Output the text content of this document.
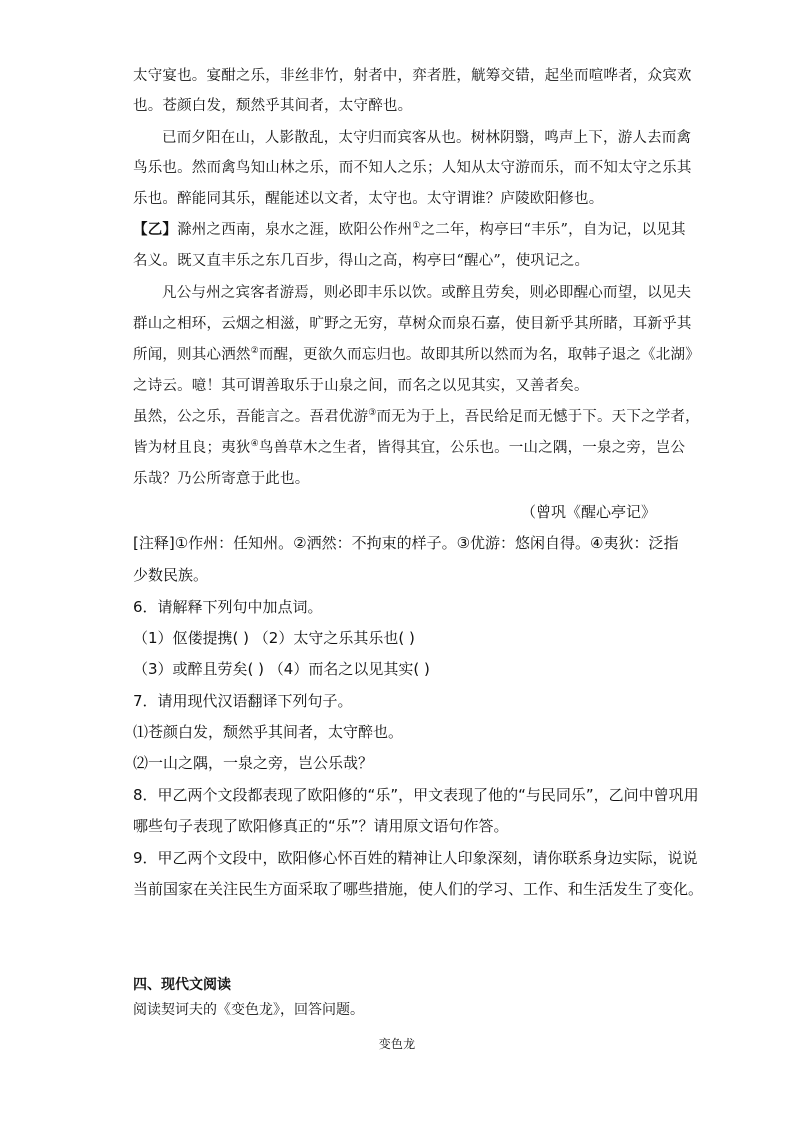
太守宴也。宴酣之乐，非丝非竹，射者中，弈者胜，觥筹交错，起坐而喧哗者，众宾欢
也。苍颜白发，颓然乎其间者，太守醉也。
已而夕阳在山，人影散乱，太守归而宾客从也。树林阴翳，鸣声上下，游人去而禽
鸟乐也。然而禽鸟知山林之乐，而不知人之乐；人知从太守游而乐，而不知太守之乐其
乐也。醉能同其乐，醒能述以文者，太守也。太守谓谁？庐陵欧阳修也。
【乙】滁州之西南，泉水之涯，欧阳公作州①之二年，构亭曰“丰乐”，自为记，以见其
名义。既又直丰乐之东几百步，得山之高，构亭曰“醒心”，使巩记之。
凡公与州之宾客者游焉，则必即丰乐以饮。或醉且劳矣，则必即醒心而望，以见夫
群山之相环，云烟之相滋，旷野之无穷，草树众而泉石嘉，使目新乎其所睹，耳新乎其
所闻，则其心洒然②而醒，更欲久而忘归也。故即其所以然而为名，取韩子退之《北湖》
之诗云。噫！其可谓善取乐于山泉之间，而名之以见其实，又善者矣。
虽然，公之乐，吾能言之。吾君优游③而无为于上，吾民给足而无憾于下。天下之学者，
皆为材且良；夷狄④鸟兽草木之生者，皆得其宜，公乐也。一山之隅，一泉之旁，岂公
乐哉？乃公所寄意于此也。
（曾巩《醒心亭记》
[注释]①作州：任知州。②洒然：不拘束的样子。③优游：悠闲自得。④夷狄：泛指
少数民族。
6．请解释下列句中加点词。
（1）伛偻提携( ) （2）太守之乐其乐也( )
（3）或醉且劳矣( ) （4）而名之以见其实( )
7．请用现代汉语翻译下列句子。
⑴苍颜白发，颓然乎其间者，太守醉也。
⑵一山之隅，一泉之旁，岂公乐哉？
8．甲乙两个文段都表现了欧阳修的“乐”，甲文表现了他的“与民同乐”，乙问中曾巩用
哪些句子表现了欧阳修真正的“乐”？请用原文语句作答。
9．甲乙两个文段中，欧阳修心怀百姓的精神让人印象深刻，请你联系身边实际，说说
当前国家在关注民生方面采取了哪些措施，使人们的学习、工作、和生活发生了变化。
四、现代文阅读
阅读契诃夫的《变色龙》，回答问题。
变色龙
